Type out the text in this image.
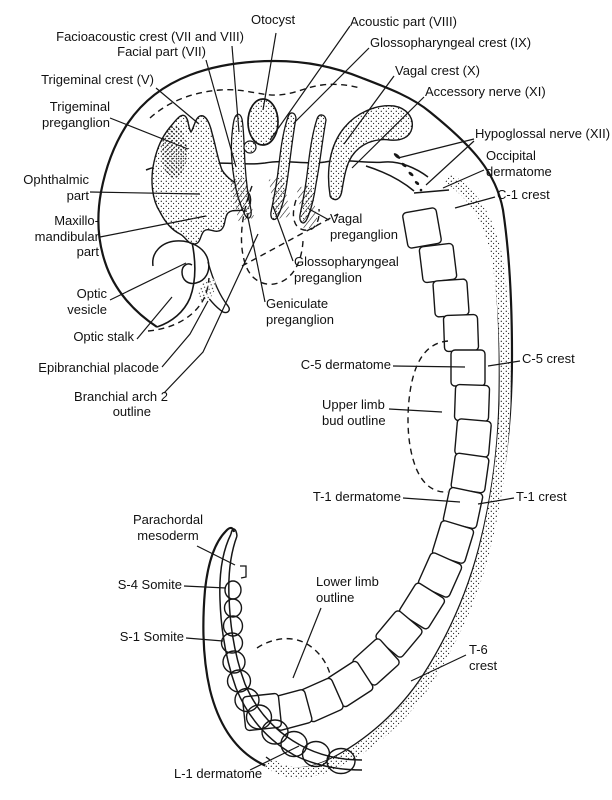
Facioacoustic crest (VII and VIII)
Facial part (VII)
Otocyst	Acoustic part (VIII)
Glossopharyngeal crest (IX)
Trigeminal crest (V)
Vagal crest (X)
Accessory nerve (XI)
Trigeminal
preganglion
Hypoglossal nerve (XII)
Occipital
dermatome
C-1 crest
Ophthalmic
part
Maxillo-
mandibular
part
Optic
vesicle
Optic stalk
Epibranchial placode
Branchial arch 2
outline
Vagal
preganglion
Glossopharyngeal
preganglion
Geniculate
preganglion
C-5 dermatome	C-5 crest
Upper limb
bud outline
T-1 dermatome	T-1 crest
Parachordal
mesoderm
S-4 Somite
S-1 Somite
Lower limb
outline
T-6
crest
L-1 dermatome
